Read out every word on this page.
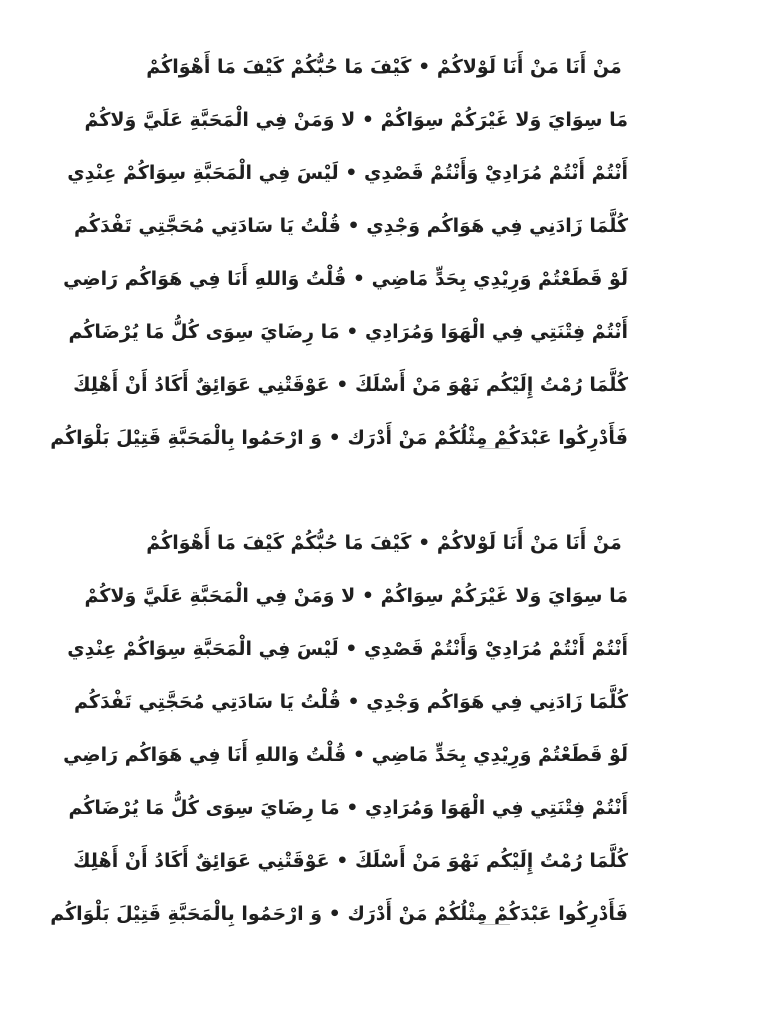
مَنْ أَنَا مَنْ أَنَا لَوْلاكُمْ • كَيْفَ مَا حُبُّكُمْ كَيْفَ مَا أَهْوَاكُمْ
مَا سِوَايَ وَلا غَيْرَكُمْ سِوَاكُمْ • لا وَمَنْ فِي الْمَحَبَّةِ عَلَيَّ وَلاكُمْ
أَنْتُمْ أَنْتُمْ مُرَادِيْ وَأَنْتُمْ قَصْدِي • لَيْسَ فِي الْمَحَبَّةِ سِوَاكُمْ عِنْدِي
كُلَّمَا زَادَنِي فِي هَوَاكُم وَجْدِي • قُلْتُ يَا سَادَتِي مُحَجَّتِي تَفْدَكُم
لَوْ قَطَعْتُمْ وَرِيْدِي بِحَدٍّ مَاضِي • قُلْتُ وَاللهِ أَنَا فِي هَوَاكُم رَاضِي
أَنْتُمْ فِتْنَتِي فِي الْهَوَا وَمُرَادِي • مَا رِضَايَ سِوَى كُلُّ مَا يُرْضَاكُم
كُلَّمَا رُمْتُ إِلَيْكُم نَهْوَ مَنْ أَسْلَكَ • عَوْقَتْنِي عَوَائِقٌ أَكَادُ أَنْ أَهْلِكَ
فَأَدْرِكُوا عَبْدَكُمْ مِثْلُكُمْ مَنْ أَدْرَك • وَ ارْحَمُوا بِالْمَحَبَّةِ قَتِيْلَ بَلْوَاكُم
مَنْ أَنَا مَنْ أَنَا لَوْلاكُمْ • كَيْفَ مَا حُبُّكُمْ كَيْفَ مَا أَهْوَاكُمْ
مَا سِوَايَ وَلا غَيْرَكُمْ سِوَاكُمْ • لا وَمَنْ فِي الْمَحَبَّةِ عَلَيَّ وَلاكُمْ
أَنْتُمْ أَنْتُمْ مُرَادِيْ وَأَنْتُمْ قَصْدِي • لَيْسَ فِي الْمَحَبَّةِ سِوَاكُمْ عِنْدِي
كُلَّمَا زَادَنِي فِي هَوَاكُم وَجْدِي • قُلْتُ يَا سَادَتِي مُحَجَّتِي تَفْدَكُم
لَوْ قَطَعْتُمْ وَرِيْدِي بِحَدٍّ مَاضِي • قُلْتُ وَاللهِ أَنَا فِي هَوَاكُم رَاضِي
أَنْتُمْ فِتْنَتِي فِي الْهَوَا وَمُرَادِي • مَا رِضَايَ سِوَى كُلُّ مَا يُرْضَاكُم
كُلَّمَا رُمْتُ إِلَيْكُم نَهْوَ مَنْ أَسْلَكَ • عَوْقَتْنِي عَوَائِقٌ أَكَادُ أَنْ أَهْلِكَ
فَأَدْرِكُوا عَبْدَكُمْ مِثْلُكُمْ مَنْ أَدْرَك • وَ ارْحَمُوا بِالْمَحَبَّةِ قَتِيْلَ بَلْوَاكُم
